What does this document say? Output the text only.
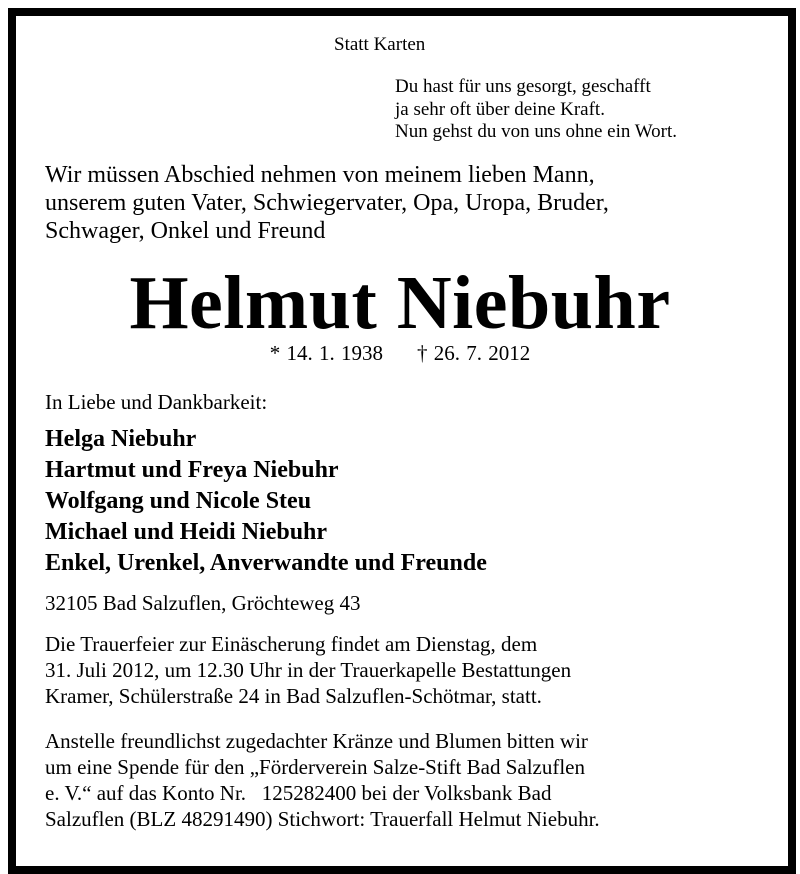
Statt Karten
Du hast für uns gesorgt, geschafft
ja sehr oft über deine Kraft.
Nun gehst du von uns ohne ein Wort.
Wir müssen Abschied nehmen von meinem lieben Mann,
unserem guten Vater, Schwiegervater, Opa, Uropa, Bruder,
Schwager, Onkel und Freund
Helmut Niebuhr
* 14. 1. 1938 † 26. 7. 2012
In Liebe und Dankbarkeit:
Helga Niebuhr
Hartmut und Freya Niebuhr
Wolfgang und Nicole Steu
Michael und Heidi Niebuhr
Enkel, Urenkel, Anverwandte und Freunde
32105 Bad Salzuflen, Gröchteweg 43
Die Trauerfeier zur Einäscherung findet am Dienstag, dem
31. Juli 2012, um 12.30 Uhr in der Trauerkapelle Bestattungen
Kramer, Schülerstraße 24 in Bad Salzuflen-Schötmar, statt.
Anstelle freundlichst zugedachter Kränze und Blumen bitten wir
um eine Spende für den „Förderverein Salze-Stift Bad Salzuflen
e. V.“ auf das Konto Nr.   125282400 bei der Volksbank Bad
Salzuflen (BLZ 48291490) Stichwort: Trauerfall Helmut Niebuhr.
